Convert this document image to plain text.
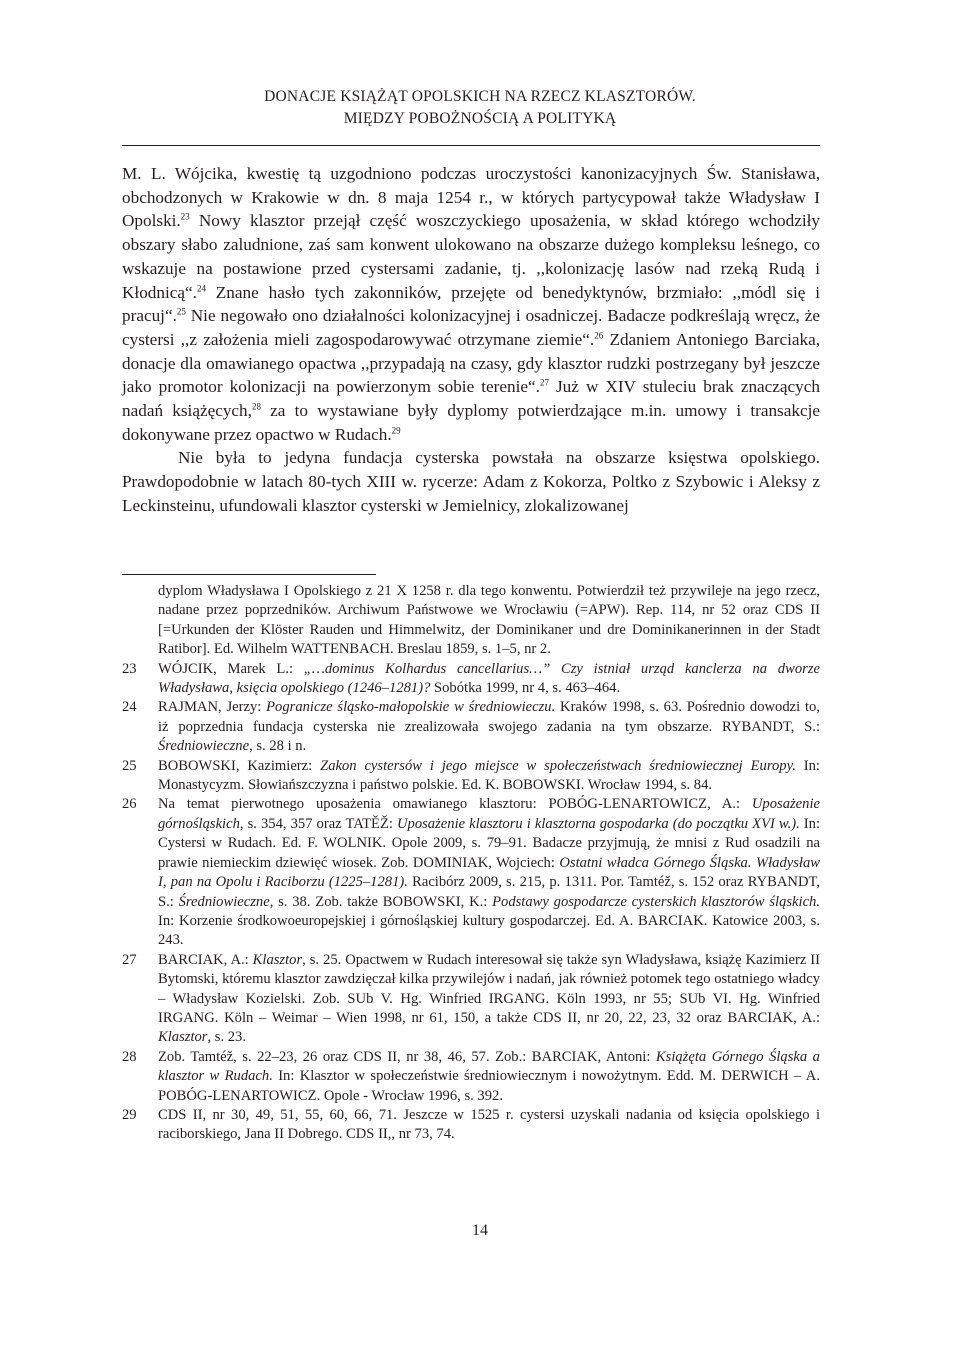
DONACJE KSIĄŻĄT OPOLSKICH NA RZECZ KLASZTORÓW.
MIĘDZY POBOŻNOŚCIĄ A POLITYKĄ

M. L. Wójcika, kwestię tą uzgodniono podczas uroczystości kanonizacyjnych Św. Stanisława, obchodzonych w Krakowie w dn. 8 maja 1254 r., w których partycypował także Władysław I Opolski.$^{23}$ Nowy klasztor przejął część woszczyckiego uposażenia, w skład którego wchodziły obszary słabo zaludnione, zaś sam konwent ulokowano na obszarze dużego kompleksu leśnego, co wskazuje na postawione przed cystersami zadanie, tj. ,,kolonizację lasów nad rzeką Rudą i Kłodnicą“.$^{24}$ Znane hasło tych zakonników, przejęte od benedyktynów, brzmiało: ,,módl się i pracuj“.$^{25}$ Nie negowało ono działalności kolonizacyjnej i osadniczej. Badacze podkreślają wręcz, że cystersi ,,z założenia mieli zagospodarowywać otrzymane ziemie“.$^{26}$ Zdaniem Antoniego Barciaka, donacje dla omawianego opactwa ,,przypadają na czasy, gdy klasztor rudzki postrzegany był jeszcze jako promotor kolonizacji na powierzonym sobie terenie“.$^{27}$ Już w XIV stuleciu brak znaczących nadań książęcych,$^{28}$ za to wystawiane były dyplomy potwierdzające m.in. umowy i transakcje dokonywane przez opactwo w Rudach.$^{29}$

Nie była to jedyna fundacja cysterska powstała na obszarze księstwa opolskiego. Prawdopodobnie w latach 80-tych XIII w. rycerze: Adam z Kokorza, Poltko z Szybowic i Aleksy z Leckinsteinu, ufundowali klasztor cysterski w Jemielnicy, zlokalizowanej

dyplom Władysława I Opolskiego z 21 X 1258 r. dla tego konwentu. Potwierdził też przywileje na jego rzecz, nadane przez poprzedników. Archiwum Państwowe we Wrocławiu (=APW). Rep. 114, nr 52 oraz CDS II [=Urkunden der Klöster Rauden und Himmelwitz, der Dominikaner und dre Dominikanerinnen in der Stadt Ratibor]. Ed. Wilhelm WATTENBACH. Breslau 1859, s. 1–5, nr 2.
23	WÓJCIK, Marek L.: „…dominus Kolhardus cancellarius…” Czy istniał urząd kanclerza na dworze Władysława, księcia opolskiego (1246–1281)? Sobótka 1999, nr 4, s. 463–464.
24	RAJMAN, Jerzy: Pogranicze śląsko-małopolskie w średniowieczu. Kraków 1998, s. 63. Pośrednio dowodzi to, iż poprzednia fundacja cysterska nie zrealizowała swojego zadania na tym obszarze. RYBANDT, S.: Średniowieczne, s. 28 i n.
25	BOBOWSKI, Kazimierz: Zakon cystersów i jego miejsce w społeczeństwach średniowiecznej Europy. In: Monastycyzm. Słowiańszczyzna i państwo polskie. Ed. K. BOBOWSKI. Wrocław 1994, s. 84.
26	Na temat pierwotnego uposażenia omawianego klasztoru: POBÓG-LENARTOWICZ, A.: Uposażenie górnośląskich, s. 354, 357 oraz TATĚŽ: Uposażenie klasztoru i klasztorna gospodarka (do początku XVI w.). In: Cystersi w Rudach. Ed. F. WOLNIK. Opole 2009, s. 79–91. Badacze przyjmują, że mnisi z Rud osadzili na prawie niemieckim dziewięć wiosek. Zob. DOMINIAK, Wojciech: Ostatni władca Górnego Śląska. Władysław I, pan na Opolu i Raciborzu (1225–1281). Racibórz 2009, s. 215, p. 1311. Por. Tamtéž, s. 152 oraz RYBANDT, S.: Średniowieczne, s. 38. Zob. także BOBOWSKI, K.: Podstawy gospodarcze cysterskich klasztorów śląskich. In: Korzenie środkowoeuropejskiej i górnośląskiej kultury gospodarczej. Ed. A. BARCIAK. Katowice 2003, s. 243.
27	BARCIAK, A.: Klasztor, s. 25. Opactwem w Rudach interesował się także syn Władysława, książę Kazimierz II Bytomski, któremu klasztor zawdzięczał kilka przywilejów i nadań, jak również potomek tego ostatniego władcy – Władysław Kozielski. Zob. SUb V. Hg. Winfried IRGANG. Köln 1993, nr 55; SUb VI. Hg. Winfried IRGANG. Köln – Weimar – Wien 1998, nr 61, 150, a także CDS II, nr 20, 22, 23, 32 oraz BARCIAK, A.: Klasztor, s. 23.
28	Zob. Tamtéž, s. 22–23, 26 oraz CDS II, nr 38, 46, 57. Zob.: BARCIAK, Antoni: Książęta Górnego Śląska a klasztor w Rudach. In: Klasztor w społeczeństwie średniowiecznym i nowożytnym. Edd. M. DERWICH – A. POBÓG-LENARTOWICZ. Opole - Wrocław 1996, s. 392.
29	CDS II, nr 30, 49, 51, 55, 60, 66, 71. Jeszcze w 1525 r. cystersi uzyskali nadania od księcia opolskiego i raciborskiego, Jana II Dobrego. CDS II,, nr 73, 74.
14
